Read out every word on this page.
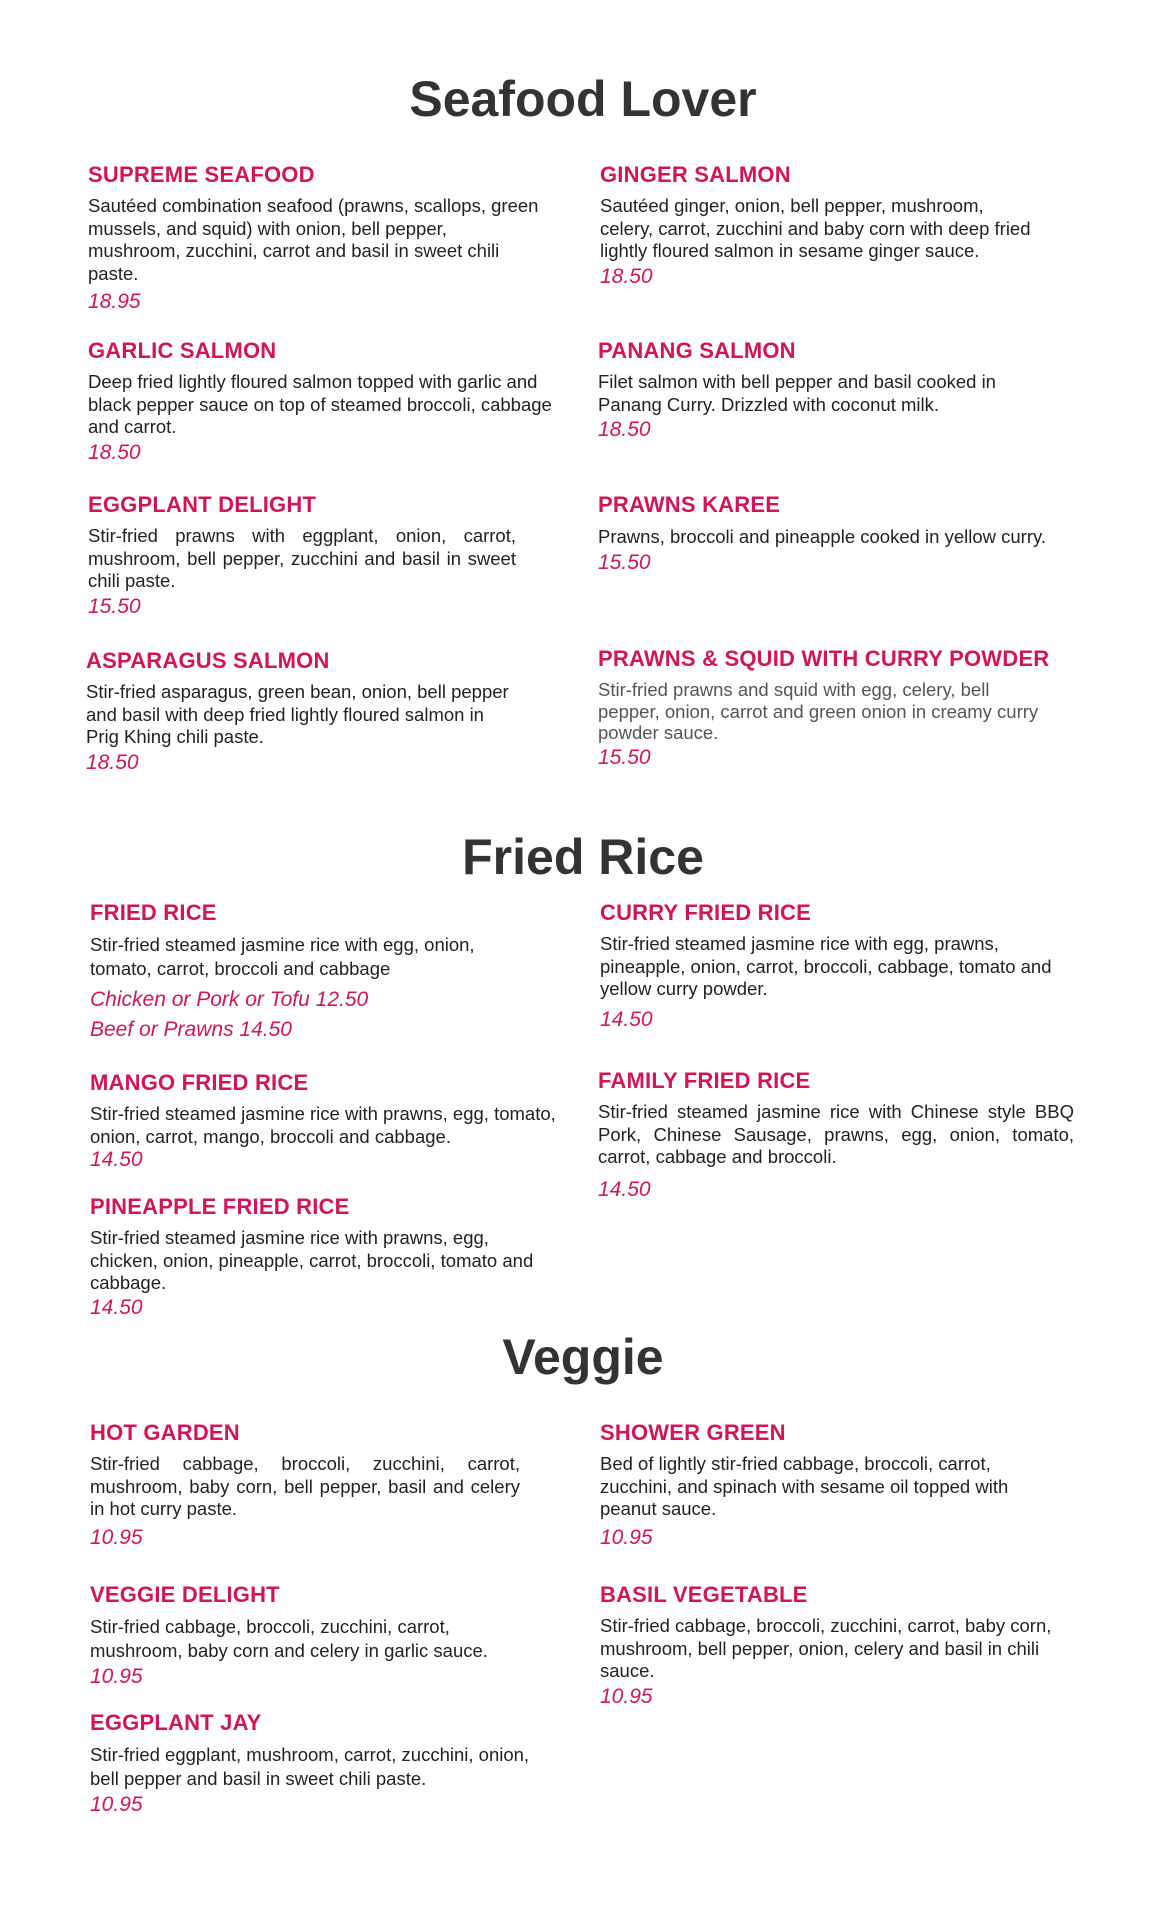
Seafood Lover

SUPREME SEAFOOD

Sautéed combination seafood (prawns, scallops, green mussels, and squid) with onion, bell pepper, mushroom, zucchini, carrot and basil in sweet chili paste.

18.95

GINGER SALMON

Sautéed ginger, onion, bell pepper, mushroom, celery, carrot, zucchini and baby corn with deep fried lightly floured salmon in sesame ginger sauce.

18.50

GARLIC SALMON

Deep fried lightly floured salmon topped with garlic and black pepper sauce on top of steamed broccoli, cabbage and carrot.

18.50

PANANG SALMON

Filet salmon with bell pepper and basil cooked in Panang Curry. Drizzled with coconut milk.

18.50

EGGPLANT DELIGHT

Stir-fried prawns with eggplant, onion, carrot, mushroom, bell pepper, zucchini and basil in sweet chili paste.

15.50

PRAWNS KAREE

Prawns, broccoli and pineapple cooked in yellow curry.

15.50

ASPARAGUS SALMON

Stir-fried asparagus, green bean, onion, bell pepper and basil with deep fried lightly floured salmon in Prig Khing chili paste.

18.50

PRAWNS & SQUID WITH CURRY POWDER

Stir-fried prawns and squid with egg, celery, bell pepper, onion, carrot and green onion in creamy curry powder sauce.

15.50

Fried Rice

FRIED RICE

Stir-fried steamed jasmine rice with egg, onion, tomato, carrot, broccoli and cabbage

Chicken or Pork or Tofu 12.50

Beef or Prawns 14.50

CURRY FRIED RICE

Stir-fried steamed jasmine rice with egg, prawns, pineapple, onion, carrot, broccoli, cabbage, tomato and yellow curry powder.

14.50

MANGO FRIED RICE

Stir-fried steamed jasmine rice with prawns, egg, tomato, onion, carrot, mango, broccoli and cabbage.

14.50

FAMILY FRIED RICE

Stir-fried steamed jasmine rice with Chinese style BBQ Pork, Chinese Sausage, prawns, egg, onion, tomato, carrot, cabbage and broccoli.

14.50

PINEAPPLE FRIED RICE

Stir-fried steamed jasmine rice with prawns, egg, chicken, onion, pineapple, carrot, broccoli, tomato and cabbage.

14.50

Veggie

HOT GARDEN

Stir-fried cabbage, broccoli, zucchini, carrot, mushroom, baby corn, bell pepper, basil and celery in hot curry paste.

10.95

SHOWER GREEN

Bed of lightly stir-fried cabbage, broccoli, carrot, zucchini, and spinach with sesame oil topped with peanut sauce.

10.95

VEGGIE DELIGHT

Stir-fried cabbage, broccoli, zucchini, carrot, mushroom, baby corn and celery in garlic sauce.

10.95

BASIL VEGETABLE

Stir-fried cabbage, broccoli, zucchini, carrot, baby corn, mushroom, bell pepper, onion, celery and basil in chili sauce.

10.95

EGGPLANT JAY

Stir-fried eggplant, mushroom, carrot, zucchini, onion, bell pepper and basil in sweet chili paste.

10.95
